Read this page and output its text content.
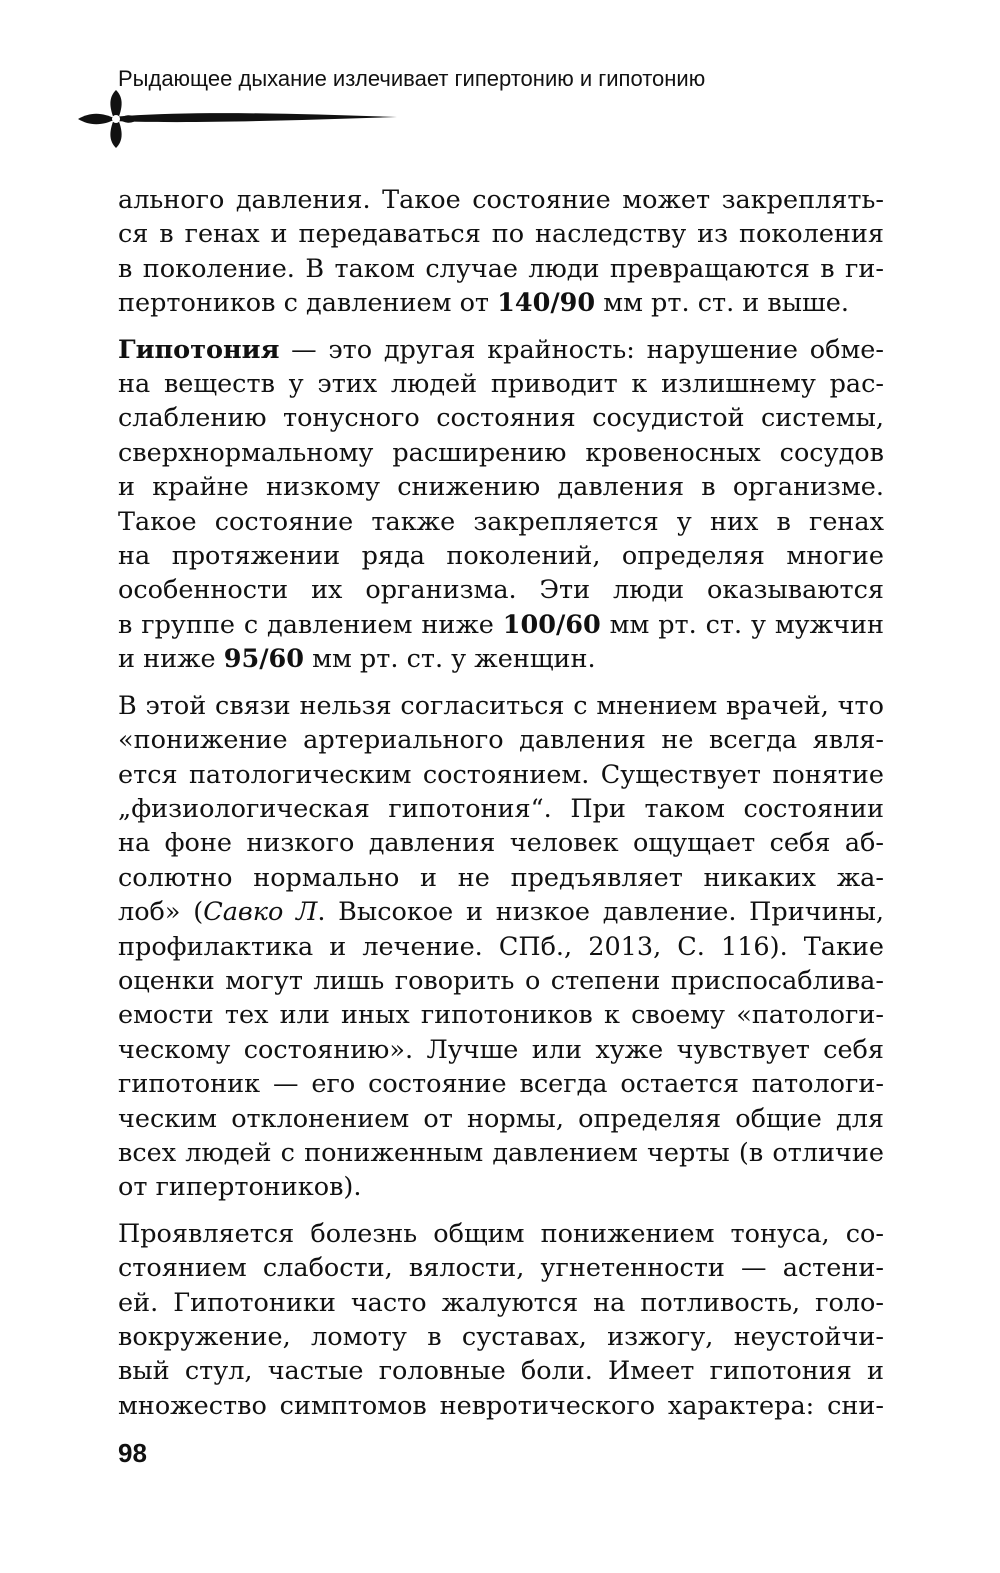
Рыдающее дыхание излечивает гипертонию и гипотонию

ального давления. Такое состояние может закреплять-
ся в генах и передаваться по наследству из поколения
в поколение. В таком случае люди превращаются в ги-
пертоников с давлением от 140/90 мм рт. ст. и выше.

Гипотония — это другая крайность: нарушение обме-
на веществ у этих людей приводит к излишнему рас-
слаблению тонусного состояния сосудистой системы,
сверхнормальному расширению кровеносных сосудов
и крайне низкому снижению давления в организме.
Такое состояние также закрепляется у них в генах
на протяжении ряда поколений, определяя многие
особенности их организма. Эти люди оказываются
в группе с давлением ниже 100/60 мм рт. ст. у мужчин
и ниже 95/60 мм рт. ст. у женщин.

В этой связи нельзя согласиться с мнением врачей, что
«понижение артериального давления не всегда явля-
ется патологическим состоянием. Существует понятие
„физиологическая гипотония“. При таком состоянии
на фоне низкого давления человек ощущает себя аб-
солютно нормально и не предъявляет никаких жа-
лоб» (Савко Л. Высокое и низкое давление. Причины,
профилактика и лечение. СПб., 2013, С. 116). Такие
оценки могут лишь говорить о степени приспосаблива-
емости тех или иных гипотоников к своему «патологи-
ческому состоянию». Лучше или хуже чувствует себя
гипотоник — его состояние всегда остается патологи-
ческим отклонением от нормы, определяя общие для
всех людей с пониженным давлением черты (в отличие
от гипертоников).

Проявляется болезнь общим понижением тонуса, со-
стоянием слабости, вялости, угнетенности — астени-
ей. Гипотоники часто жалуются на потливость, голо-
вокружение, ломоту в суставах, изжогу, неустойчи-
вый стул, частые головные боли. Имеет гипотония и
множество симптомов невротического характера: сни-

98
